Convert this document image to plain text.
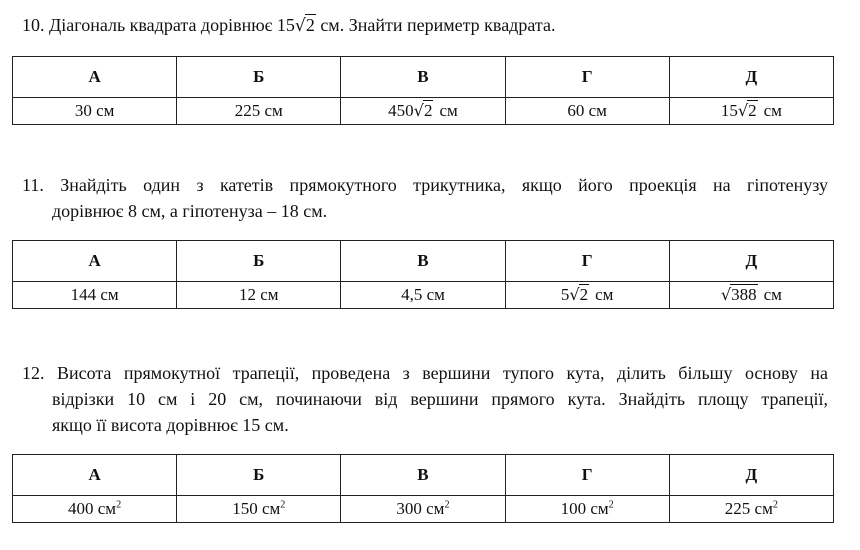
10. Діагональ квадрата дорівнює 15√2 см. Знайти периметр квадрата.
А	Б	В	Г	Д
30 см	225 см	450√2 см	60 см	15√2 см
11. Знайдіть один з катетів прямокутного трикутника, якщо його проекція на гіпотенузу
дорівнює 8 см, а гіпотенуза – 18 см.
А	Б	В	Г	Д
144 см	12 см	4,5 см	5√2 см	√388 см
12. Висота прямокутної трапеції, проведена з вершини тупого кута, ділить більшу основу на
відрізки 10 см і 20 см, починаючи від вершини прямого кута. Знайдіть площу трапеції,
якщо її висота дорівнює 15 см.
А	Б	В	Г	Д
400 $см^2$	150 $см^2$	300 $см^2$	100 $см^2$	225 $см^2$
